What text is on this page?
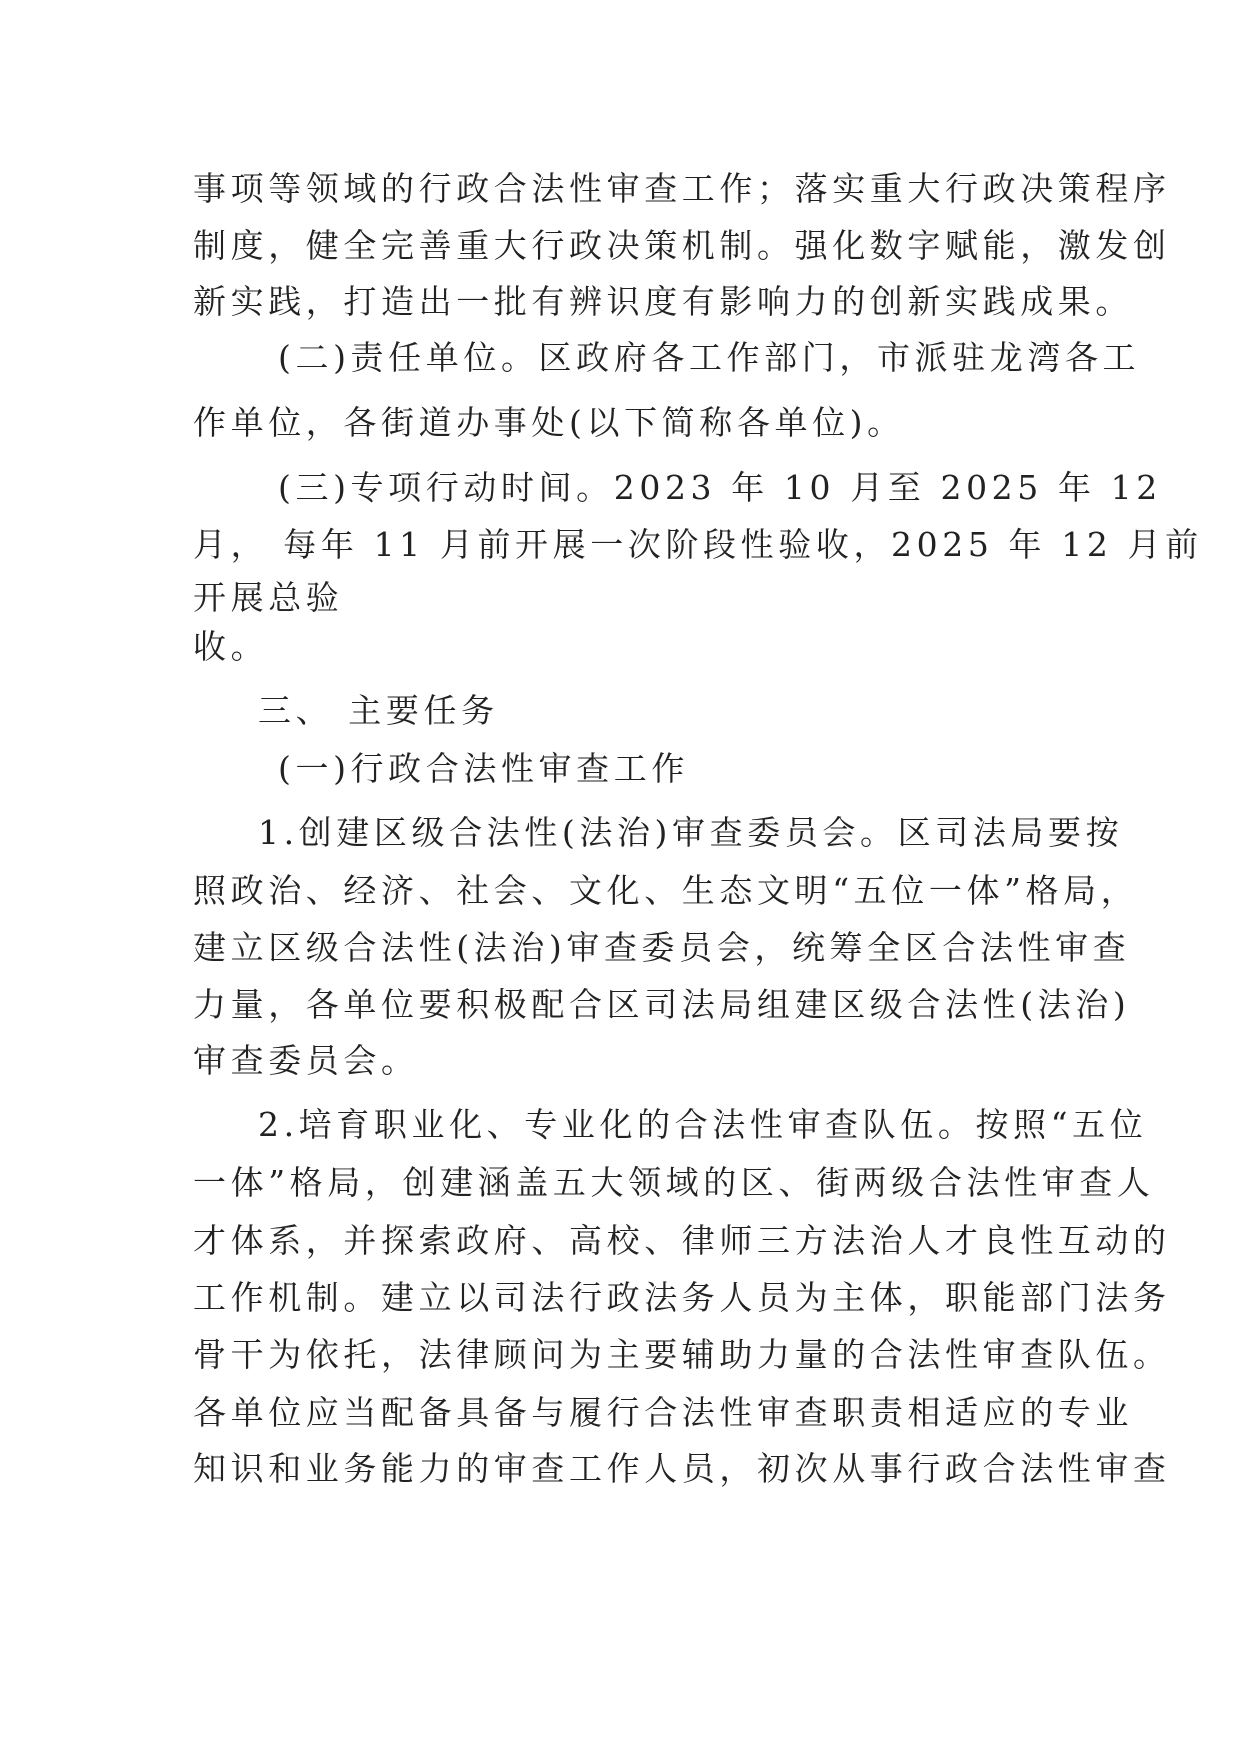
事项等领域的行政合法性审查工作；落实重大行政决策程序
制度，健全完善重大行政决策机制。强化数字赋能，激发创
新实践，打造出一批有辨识度有影响力的创新实践成果。
(二)责任单位。区政府各工作部门，市派驻龙湾各工
作单位，各街道办事处(以下简称各单位)。
(三)专项行动时间。2023 年 10 月至 2025 年 12
月， 每年 11 月前开展一次阶段性验收，2025 年 12 月前
开展总验
收。
三、 主要任务
(一)行政合法性审查工作
1.创建区级合法性(法治)审查委员会。区司法局要按
照政治、经济、社会、文化、生态文明“五位一体”格局，
建立区级合法性(法治)审查委员会，统筹全区合法性审查
力量，各单位要积极配合区司法局组建区级合法性(法治)
审查委员会。
2.培育职业化、专业化的合法性审查队伍。按照“五位
一体”格局，创建涵盖五大领域的区、街两级合法性审查人
才体系，并探索政府、高校、律师三方法治人才良性互动的
工作机制。建立以司法行政法务人员为主体，职能部门法务
骨干为依托，法律顾问为主要辅助力量的合法性审查队伍。
各单位应当配备具备与履行合法性审查职责相适应的专业
知识和业务能力的审查工作人员，初次从事行政合法性审查
